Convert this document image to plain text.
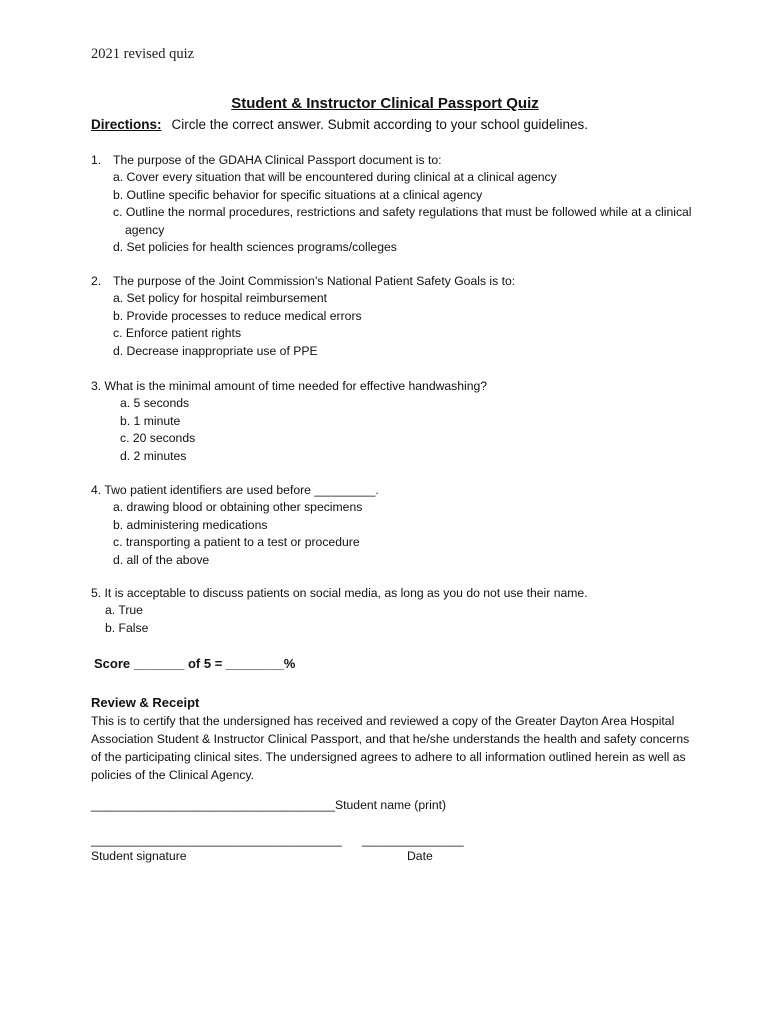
2021 revised quiz
Student & Instructor Clinical Passport Quiz
Directions: Circle the correct answer. Submit according to your school guidelines.
1. The purpose of the GDAHA Clinical Passport document is to:
a. Cover every situation that will be encountered during clinical at a clinical agency
b. Outline specific behavior for specific situations at a clinical agency
c. Outline the normal procedures, restrictions and safety regulations that must be followed while at a clinical agency
d. Set policies for health sciences programs/colleges
2. The purpose of the Joint Commission’s National Patient Safety Goals is to:
a. Set policy for hospital reimbursement
b. Provide processes to reduce medical errors
c. Enforce patient rights
d. Decrease inappropriate use of PPE
3. What is the minimal amount of time needed for effective handwashing?
a. 5 seconds
b. 1 minute
c. 20 seconds
d. 2 minutes
4. Two patient identifiers are used before _________.
a. drawing blood or obtaining other specimens
b. administering medications
c. transporting a patient to a test or procedure
d. all of the above
5. It is acceptable to discuss patients on social media, as long as you do not use their name.
a. True
b. False
Score _______ of 5 = ________%
Review & Receipt
This is to certify that the undersigned has received and reviewed a copy of the Greater Dayton Area Hospital Association Student & Instructor Clinical Passport, and that he/she understands the health and safety concerns of the participating clinical sites. The undersigned agrees to adhere to all information outlined herein as well as policies of the Clinical Agency.
____________________________________Student name (print)
_____________________________________ _______________
Student signature	Date
